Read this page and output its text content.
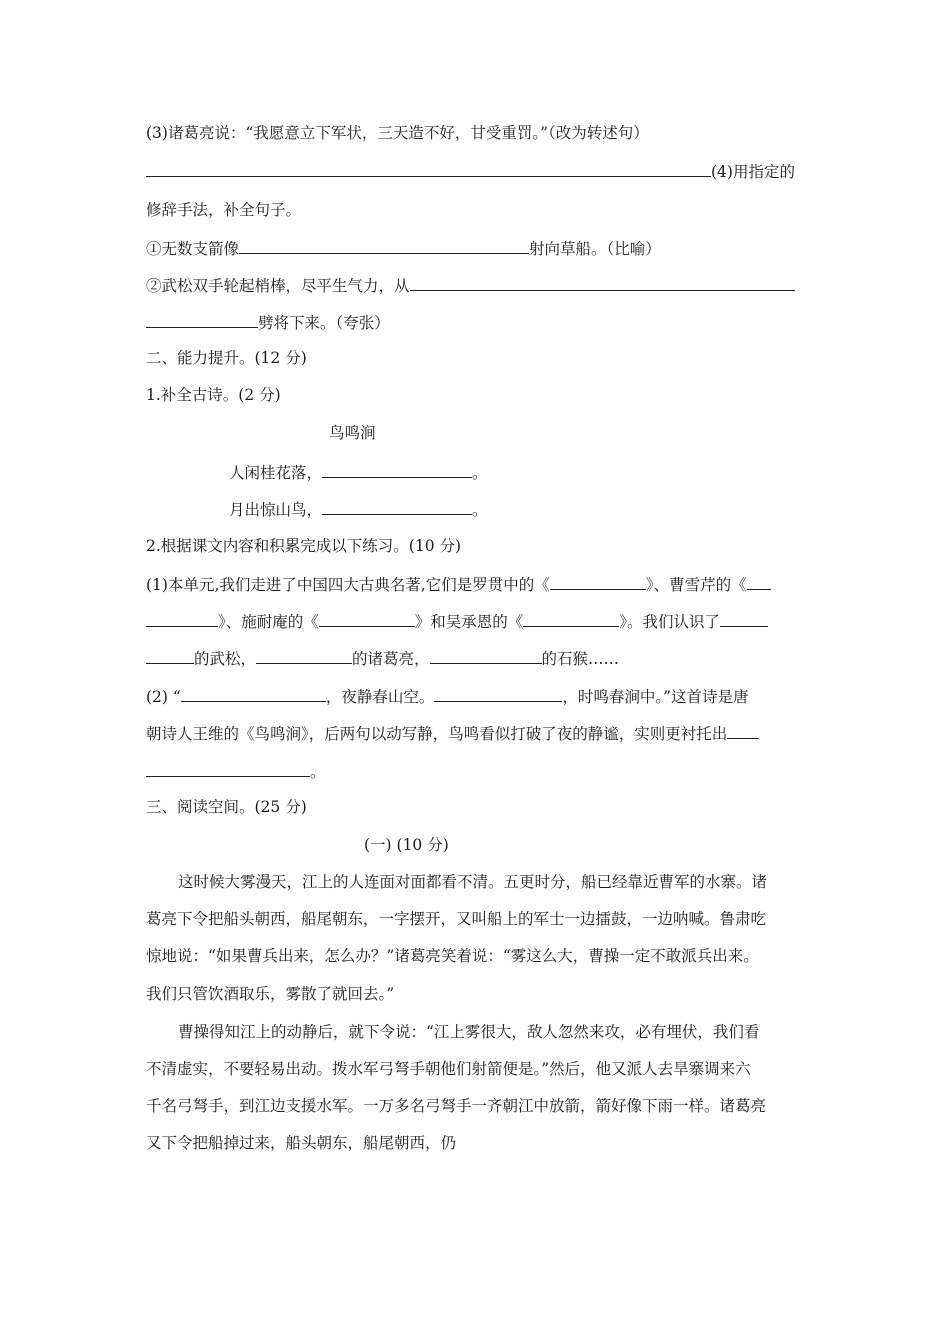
(3)诸葛亮说：“我愿意立下军状，三天造不好，甘受重罚。”（改为转述句）
(4)用指定的
修辞手法，补全句子。
①无数支箭像	射向草船。（比喻）
②武松双手轮起梢棒，尽平生气力，从
劈将下来。（夸张）
二、能力提升。(12 分)
1.补全古诗。(2 分)
鸟鸣涧
人闲桂花落，	。
月出惊山鸟，	。
2.根据课文内容和积累完成以下练习。(10 分)
(1)本单元,我们走进了中国四大古典名著,它们是罗贯中的《	》、曹雪芹的《
》、施耐庵的《	》和吴承恩的《	》。我们认识了
的武松，	的诸葛亮，	的石猴……
(2) “	，夜静春山空。	，时鸣春涧中。”这首诗是唐
朝诗人王维的《鸟鸣涧》，后两句以动写静，鸟鸣看似打破了夜的静谧，实则更衬托出
。
三、阅读空间。(25 分)
(一) (10 分)
这时候大雾漫天，江上的人连面对面都看不清。五更时分，船已经靠近曹军的水寨。诸
葛亮下令把船头朝西，船尾朝东，一字摆开，又叫船上的军士一边擂鼓，一边呐喊。鲁肃吃
惊地说：“如果曹兵出来，怎么办？”诸葛亮笑着说：“雾这么大，曹操一定不敢派兵出来。
我们只管饮酒取乐，雾散了就回去。”
曹操得知江上的动静后，就下令说：“江上雾很大，敌人忽然来攻，必有埋伏，我们看
不清虚实，不要轻易出动。拨水军弓弩手朝他们射箭便是。”然后，他又派人去旱寨调来六
千名弓弩手，到江边支援水军。一万多名弓弩手一齐朝江中放箭，箭好像下雨一样。诸葛亮
又下令把船掉过来，船头朝东，船尾朝西，仍
